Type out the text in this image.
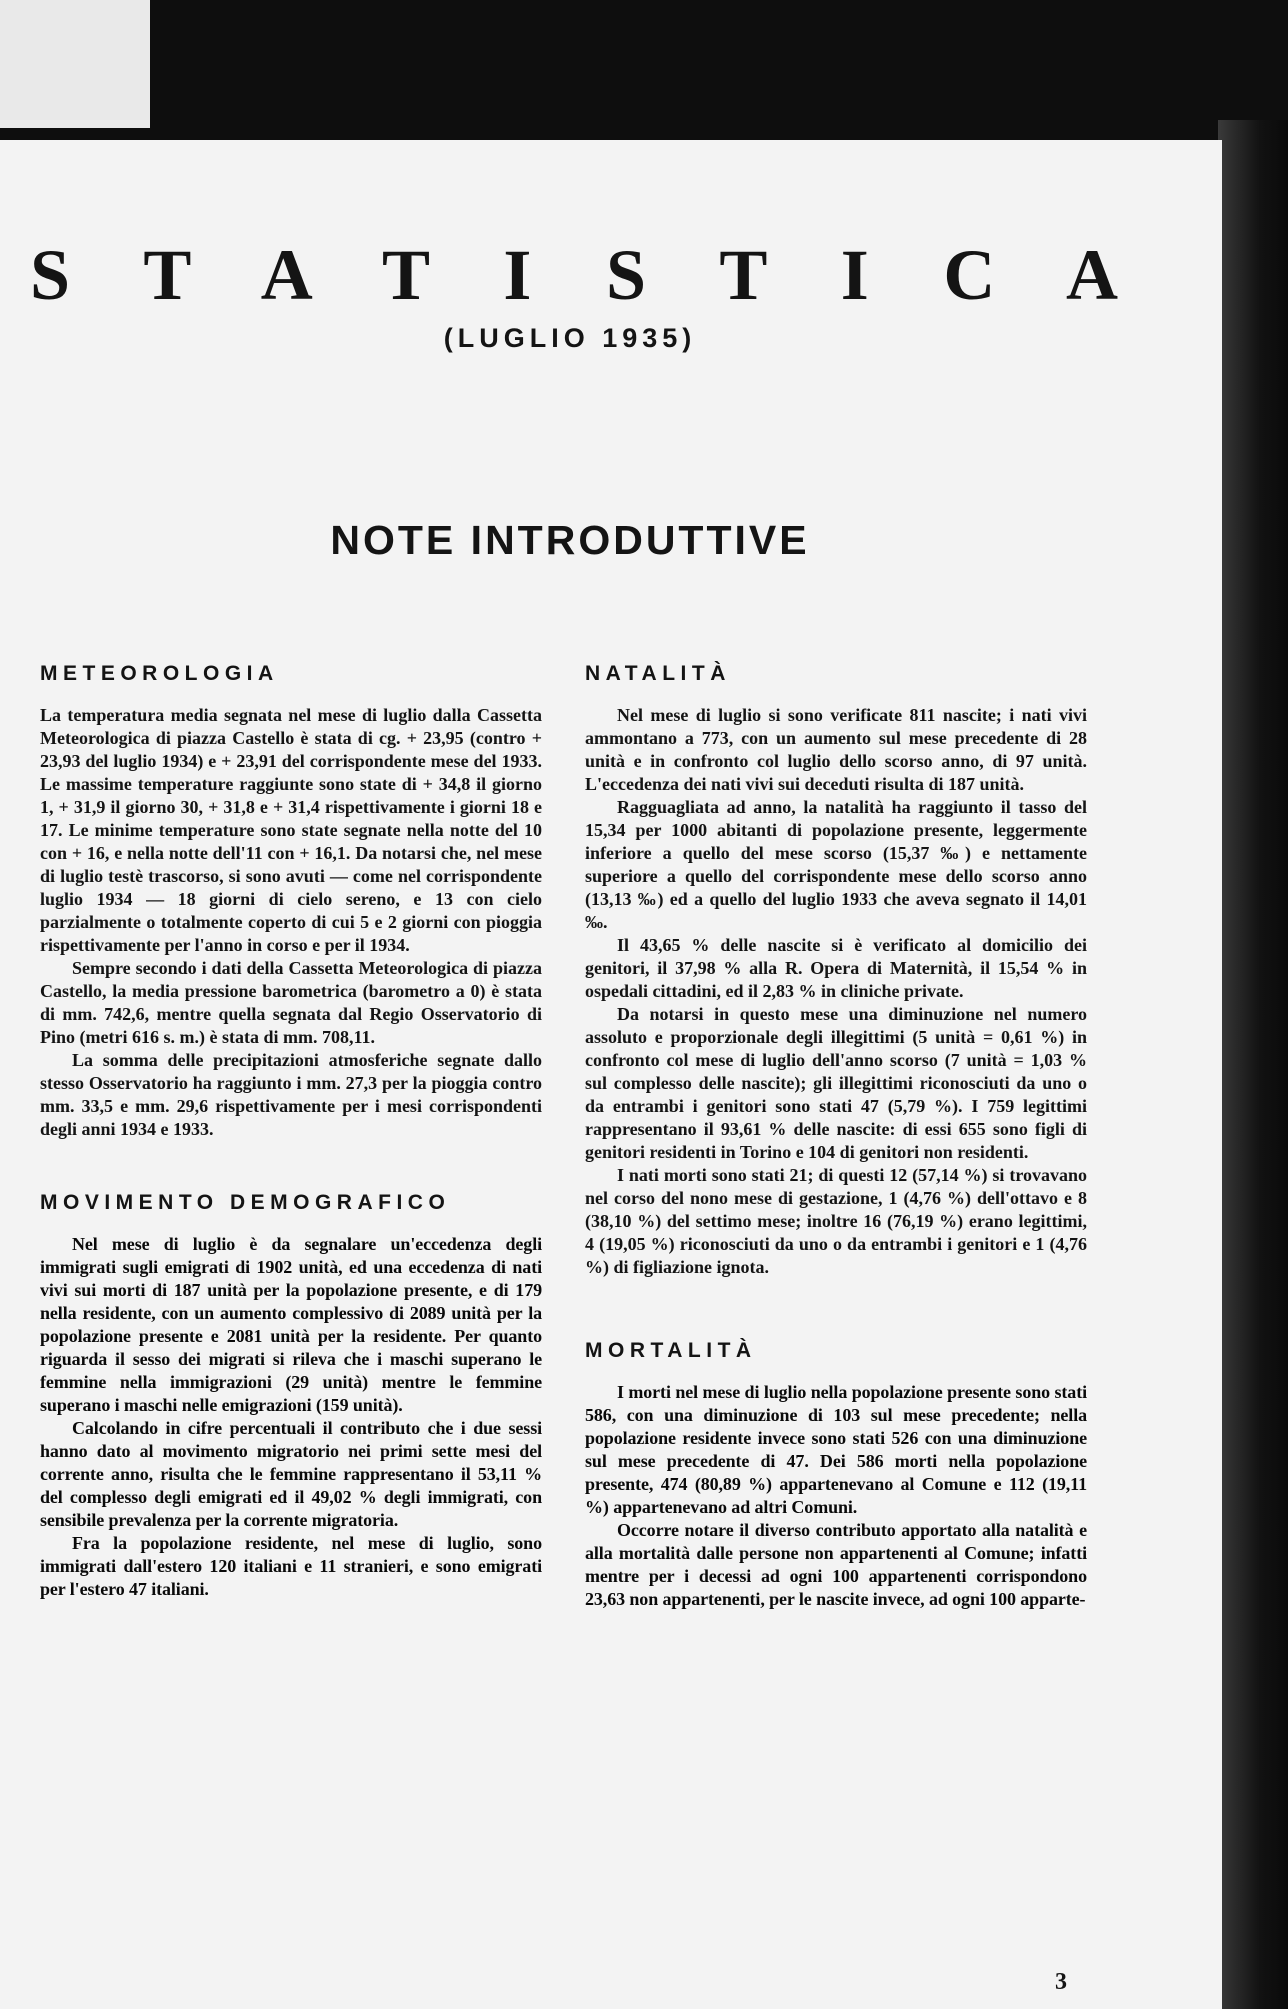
S T A T I S T I C A
(LUGLIO 1935)
NOTE INTRODUTTIVE
METEOROLOGIA

La temperatura media segnata nel mese di luglio dalla Cassetta Meteorologica di piazza Castello è stata di cg. + 23,95 (contro + 23,93 del luglio 1934) e + 23,91 del corrispondente mese del 1933. Le massime temperature raggiunte sono state di + 34,8 il giorno 1, + 31,9 il giorno 30, + 31,8 e + 31,4 rispettivamente i giorni 18 e 17. Le minime temperature sono state segnate nella notte del 10 con + 16, e nella notte dell'11 con + 16,1. Da notarsi che, nel mese di luglio testè trascorso, si sono avuti — come nel corrispondente luglio 1934 — 18 giorni di cielo sereno, e 13 con cielo parzialmente o totalmente coperto di cui 5 e 2 giorni con pioggia rispettivamente per l'anno in corso e per il 1934.

Sempre secondo i dati della Cassetta Meteorologica di piazza Castello, la media pressione barometrica (barometro a 0) è stata di mm. 742,6, mentre quella segnata dal Regio Osservatorio di Pino (metri 616 s. m.) è stata di mm. 708,11.

La somma delle precipitazioni atmosferiche segnate dallo stesso Osservatorio ha raggiunto i mm. 27,3 per la pioggia contro mm. 33,5 e mm. 29,6 rispettivamente per i mesi corrispondenti degli anni 1934 e 1933.

MOVIMENTO DEMOGRAFICO

Nel mese di luglio è da segnalare un'eccedenza degli immigrati sugli emigrati di 1902 unità, ed una eccedenza di nati vivi sui morti di 187 unità per la popolazione presente, e di 179 nella residente, con un aumento complessivo di 2089 unità per la popolazione presente e 2081 unità per la residente. Per quanto riguarda il sesso dei migrati si rileva che i maschi superano le femmine nella immigrazioni (29 unità) mentre le femmine superano i maschi nelle emigrazioni (159 unità).

Calcolando in cifre percentuali il contributo che i due sessi hanno dato al movimento migratorio nei primi sette mesi del corrente anno, risulta che le femmine rappresentano il 53,11 % del complesso degli emigrati ed il 49,02 % degli immigrati, con sensibile prevalenza per la corrente migratoria.

Fra la popolazione residente, nel mese di luglio, sono immigrati dall'estero 120 italiani e 11 stranieri, e sono emigrati per l'estero 47 italiani.

NATALITÀ

Nel mese di luglio si sono verificate 811 nascite; i nati vivi ammontano a 773, con un aumento sul mese precedente di 28 unità e in confronto col luglio dello scorso anno, di 97 unità. L'eccedenza dei nati vivi sui deceduti risulta di 187 unità.

Ragguagliata ad anno, la natalità ha raggiunto il tasso del 15,34 per 1000 abitanti di popolazione presente, leggermente inferiore a quello del mese scorso (15,37 ‰) e nettamente superiore a quello del corrispondente mese dello scorso anno (13,13 ‰) ed a quello del luglio 1933 che aveva segnato il 14,01 ‰.

Il 43,65 % delle nascite si è verificato al domicilio dei genitori, il 37,98 % alla R. Opera di Maternità, il 15,54 % in ospedali cittadini, ed il 2,83 % in cliniche private.

Da notarsi in questo mese una diminuzione nel numero assoluto e proporzionale degli illegittimi (5 unità = 0,61 %) in confronto col mese di luglio dell'anno scorso (7 unità = 1,03 % sul complesso delle nascite); gli illegittimi riconosciuti da uno o da entrambi i genitori sono stati 47 (5,79 %). I 759 legittimi rappresentano il 93,61 % delle nascite: di essi 655 sono figli di genitori residenti in Torino e 104 di genitori non residenti.

I nati morti sono stati 21; di questi 12 (57,14 %) si trovavano nel corso del nono mese di gestazione, 1 (4,76 %) dell'ottavo e 8 (38,10 %) del settimo mese; inoltre 16 (76,19 %) erano legittimi, 4 (19,05 %) riconosciuti da uno o da entrambi i genitori e 1 (4,76 %) di figliazione ignota.

MORTALITÀ

I morti nel mese di luglio nella popolazione presente sono stati 586, con una diminuzione di 103 sul mese precedente; nella popolazione residente invece sono stati 526 con una diminuzione sul mese precedente di 47. Dei 586 morti nella popolazione presente, 474 (80,89 %) appartenevano al Comune e 112 (19,11 %) appartenevano ad altri Comuni.

Occorre notare il diverso contributo apportato alla natalità e alla mortalità dalle persone non appartenenti al Comune; infatti mentre per i decessi ad ogni 100 appartenenti corrispondono 23,63 non appartenenti, per le nascite invece, ad ogni 100 apparte-

3
